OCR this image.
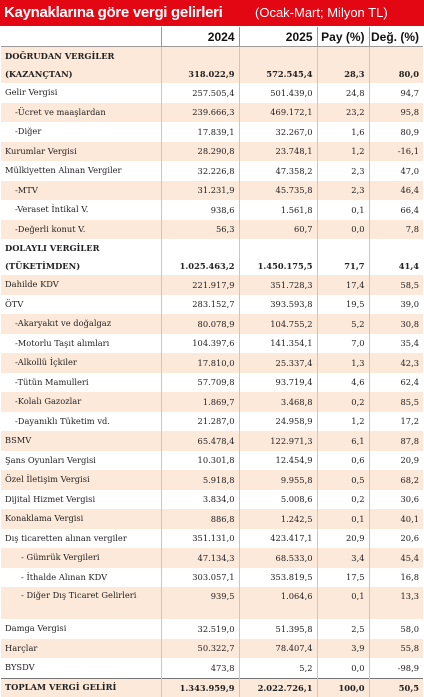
Kaynaklarına göre vergi gelirleri (Ocak-Mart; Milyon TL)
	2024	2025	Pay (%)	Değ. (%)
DOĞRUDAN VERGİLER				
(KAZANÇTAN)	318.022,9	572.545,4	28,3	80,0
Gelir Vergisi	257.505,4	501.439,0	24,8	94,7
-Ücret ve maaşlardan	239.666,3	469.172,1	23,2	95,8
-Diğer	17.839,1	32.267,0	1,6	80,9
Kurumlar Vergisi	28.290,8	23.748,1	1,2	-16,1
Mülkiyetten Alınan Vergiler	32.226,8	47.358,2	2,3	47,0
-MTV	31.231,9	45.735,8	2,3	46,4
-Veraset İntikal V.	938,6	1.561,8	0,1	66,4
-Değerli konut V.	56,3	60,7	0,0	7,8
DOLAYLI VERGİLER				
(TÜKETİMDEN)	1.025.463,2	1.450.175,5	71,7	41,4
Dahilde KDV	221.917,9	351.728,3	17,4	58,5
ÖTV	283.152,7	393.593,8	19,5	39,0
-Akaryakıt ve doğalgaz	80.078,9	104.755,2	5,2	30,8
-Motorlu Taşıt alımları	104.397,6	141.354,1	7,0	35,4
-Alkollü İçkiler	17.810,0	25.337,4	1,3	42,3
-Tütün Mamulleri	57.709,8	93.719,4	4,6	62,4
-Kolalı Gazozlar	1.869,7	3.468,8	0,2	85,5
-Dayanıklı Tüketim vd.	21.287,0	24.958,9	1,2	17,2
BSMV	65.478,4	122.971,3	6,1	87,8
Şans Oyunları Vergisi	10.301,8	12.454,9	0,6	20,9
Özel İletişim Vergisi	5.918,8	9.955,8	0,5	68,2
Dijital Hizmet Vergisi	3.834,0	5.008,6	0,2	30,6
Konaklama Vergisi	886,8	1.242,5	0,1	40,1
Dış ticaretten alınan vergiler	351.131,0	423.417,1	20,9	20,6
- Gümrük Vergileri	47.134,3	68.533,0	3,4	45,4
- İthalde Alınan KDV	303.057,1	353.819,5	17,5	16,8
- Diğer Dış Ticaret Gelirleri	939,5	1.064,6	0,1	13,3
Damga Vergisi	32.519,0	51.395,8	2,5	58,0
Harçlar	50.322,7	78.407,4	3,9	55,8
BYSDV	473,8	5,2	0,0	-98,9
TOPLAM VERGİ GELİRİ	1.343.959,9	2.022.726,1	100,0	50,5
